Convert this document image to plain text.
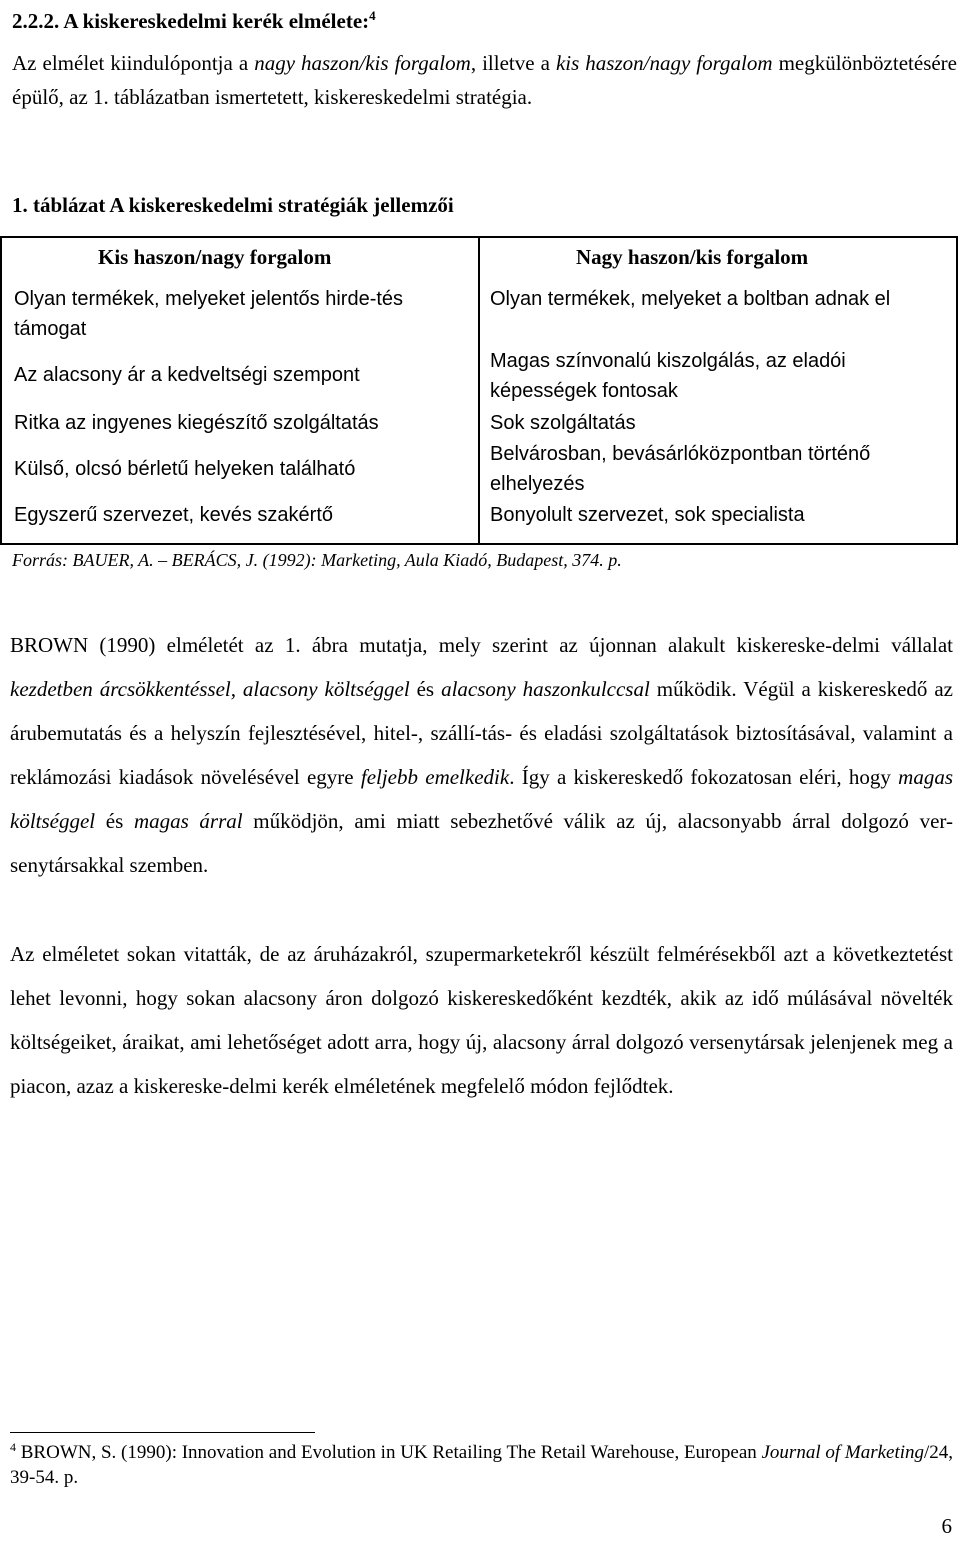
2.2.2. A kiskereskedelmi kerék elmélete:$^4$
Az elmélet kiindulópontja a nagy haszon/kis forgalom, illetve a kis haszon/nagy forgalom megkülönböztetésére épülő, az 1. táblázatban ismertetett, kiskereskedelmi stratégia.
1. táblázat A kiskereskedelmi stratégiák jellemzői
Kis haszon/nagy forgalom	Nagy haszon/kis forgalom
Olyan termékek, melyeket jelentős hirde-tés támogat
Az alacsony ár a kedveltségi szempont
Ritka az ingyenes kiegészítő szolgáltatás
Külső, olcsó bérletű helyeken található
Egyszerű szervezet, kevés szakértő
Olyan termékek, melyeket a boltban adnak el
Magas színvonalú kiszolgálás, az eladói képességek fontosak
Sok szolgáltatás
Belvárosban, bevásárlóközpontban történő elhelyezés
Bonyolult szervezet, sok specialista
Forrás: BAUER, A. – BERÁCS, J. (1992): Marketing, Aula Kiadó, Budapest, 374. p.

BROWN (1990) elméletét az 1. ábra mutatja, mely szerint az újonnan alakult kiskereske-delmi vállalat kezdetben árcsökkentéssel, alacsony költséggel és alacsony haszonkulccsal működik. Végül a kiskereskedő az árubemutatás és a helyszín fejlesztésével, hitel-, szállí-tás- és eladási szolgáltatások biztosításával, valamint a reklámozási kiadások növelésével egyre feljebb emelkedik. Így a kiskereskedő fokozatosan eléri, hogy magas költséggel és magas árral működjön, ami miatt sebezhetővé válik az új, alacsonyabb árral dolgozó ver-senytársakkal szemben.

Az elméletet sokan vitatták, de az áruházakról, szupermarketekről készült felmérésekből azt a következtetést lehet levonni, hogy sokan alacsony áron dolgozó kiskereskedőként kezdték, akik az idő múlásával növelték költségeiket, áraikat, ami lehetőséget adott arra, hogy új, alacsony árral dolgozó versenytársak jelenjenek meg a piacon, azaz a kiskereske-delmi kerék elméletének megfelelő módon fejlődtek.

$^4$ BROWN, S. (1990): Innovation and Evolution in UK Retailing The Retail Warehouse, European Journal of Marketing/24, 39-54. p.
6
